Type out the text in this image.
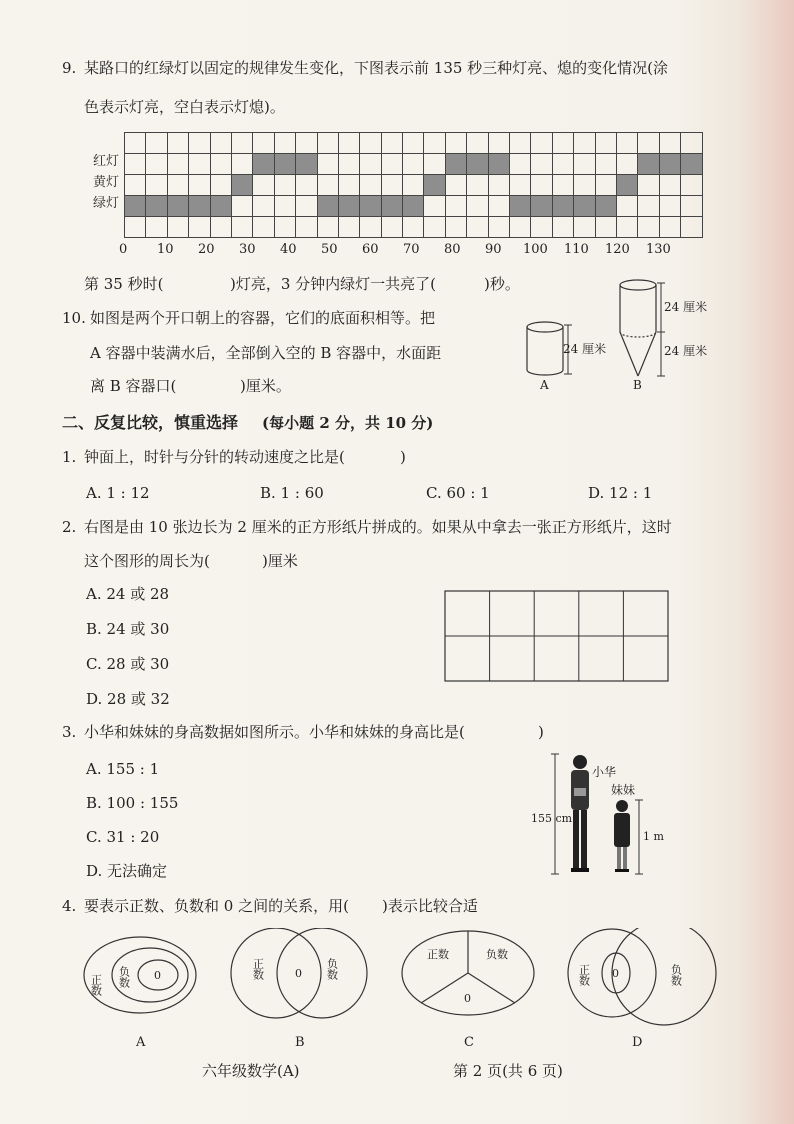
9. 某路口的红绿灯以固定的规律发生变化，下图表示前 135 秒三种灯亮、熄的变化情况(涂
色表示灯亮，空白表示灯熄)。
红灯
黄灯
绿灯

0 10 20 30 40 50 60 70 80 90 100 110 120 130
第 35 秒时(	)灯亮，3 分钟内绿灯一共亮了(	)秒。
10. 如图是两个开口朝上的容器，它们的底面积相等。把
A 容器中装满水后，全部倒入空的 B 容器中，水面距
离 B 容器口(	)厘米。
24 厘米
A
24 厘米
24 厘米
B
二、反复比较，慎重选择 (每小题 2 分，共 10 分)
1. 钟面上，时针与分针的转动速度之比是(	)
A. 1 : 12	B. 1 : 60	C. 60 : 1	D. 12 : 1
2. 右图是由 10 张边长为 2 厘米的正方形纸片拼成的。如果从中拿去一张正方形纸片，这时
这个图形的周长为(	)厘米
A. 24 或 28
B. 24 或 30
C. 28 或 30
D. 28 或 32
3. 小华和妹妹的身高数据如图所示。小华和妹妹的身高比是(	)
A. 155 : 1
B. 100 : 155
C. 31 : 20
D. 无法确定
155 cm
小华
妹妹
1 m
4. 要表示正数、负数和 0 之间的关系，用( )表示比较合适
正数 负数 0
A
正数	0 负数
B
正数	负数
0
C
正数 0	负数
D
六年级数学(A)	第 2 页(共 6 页)
